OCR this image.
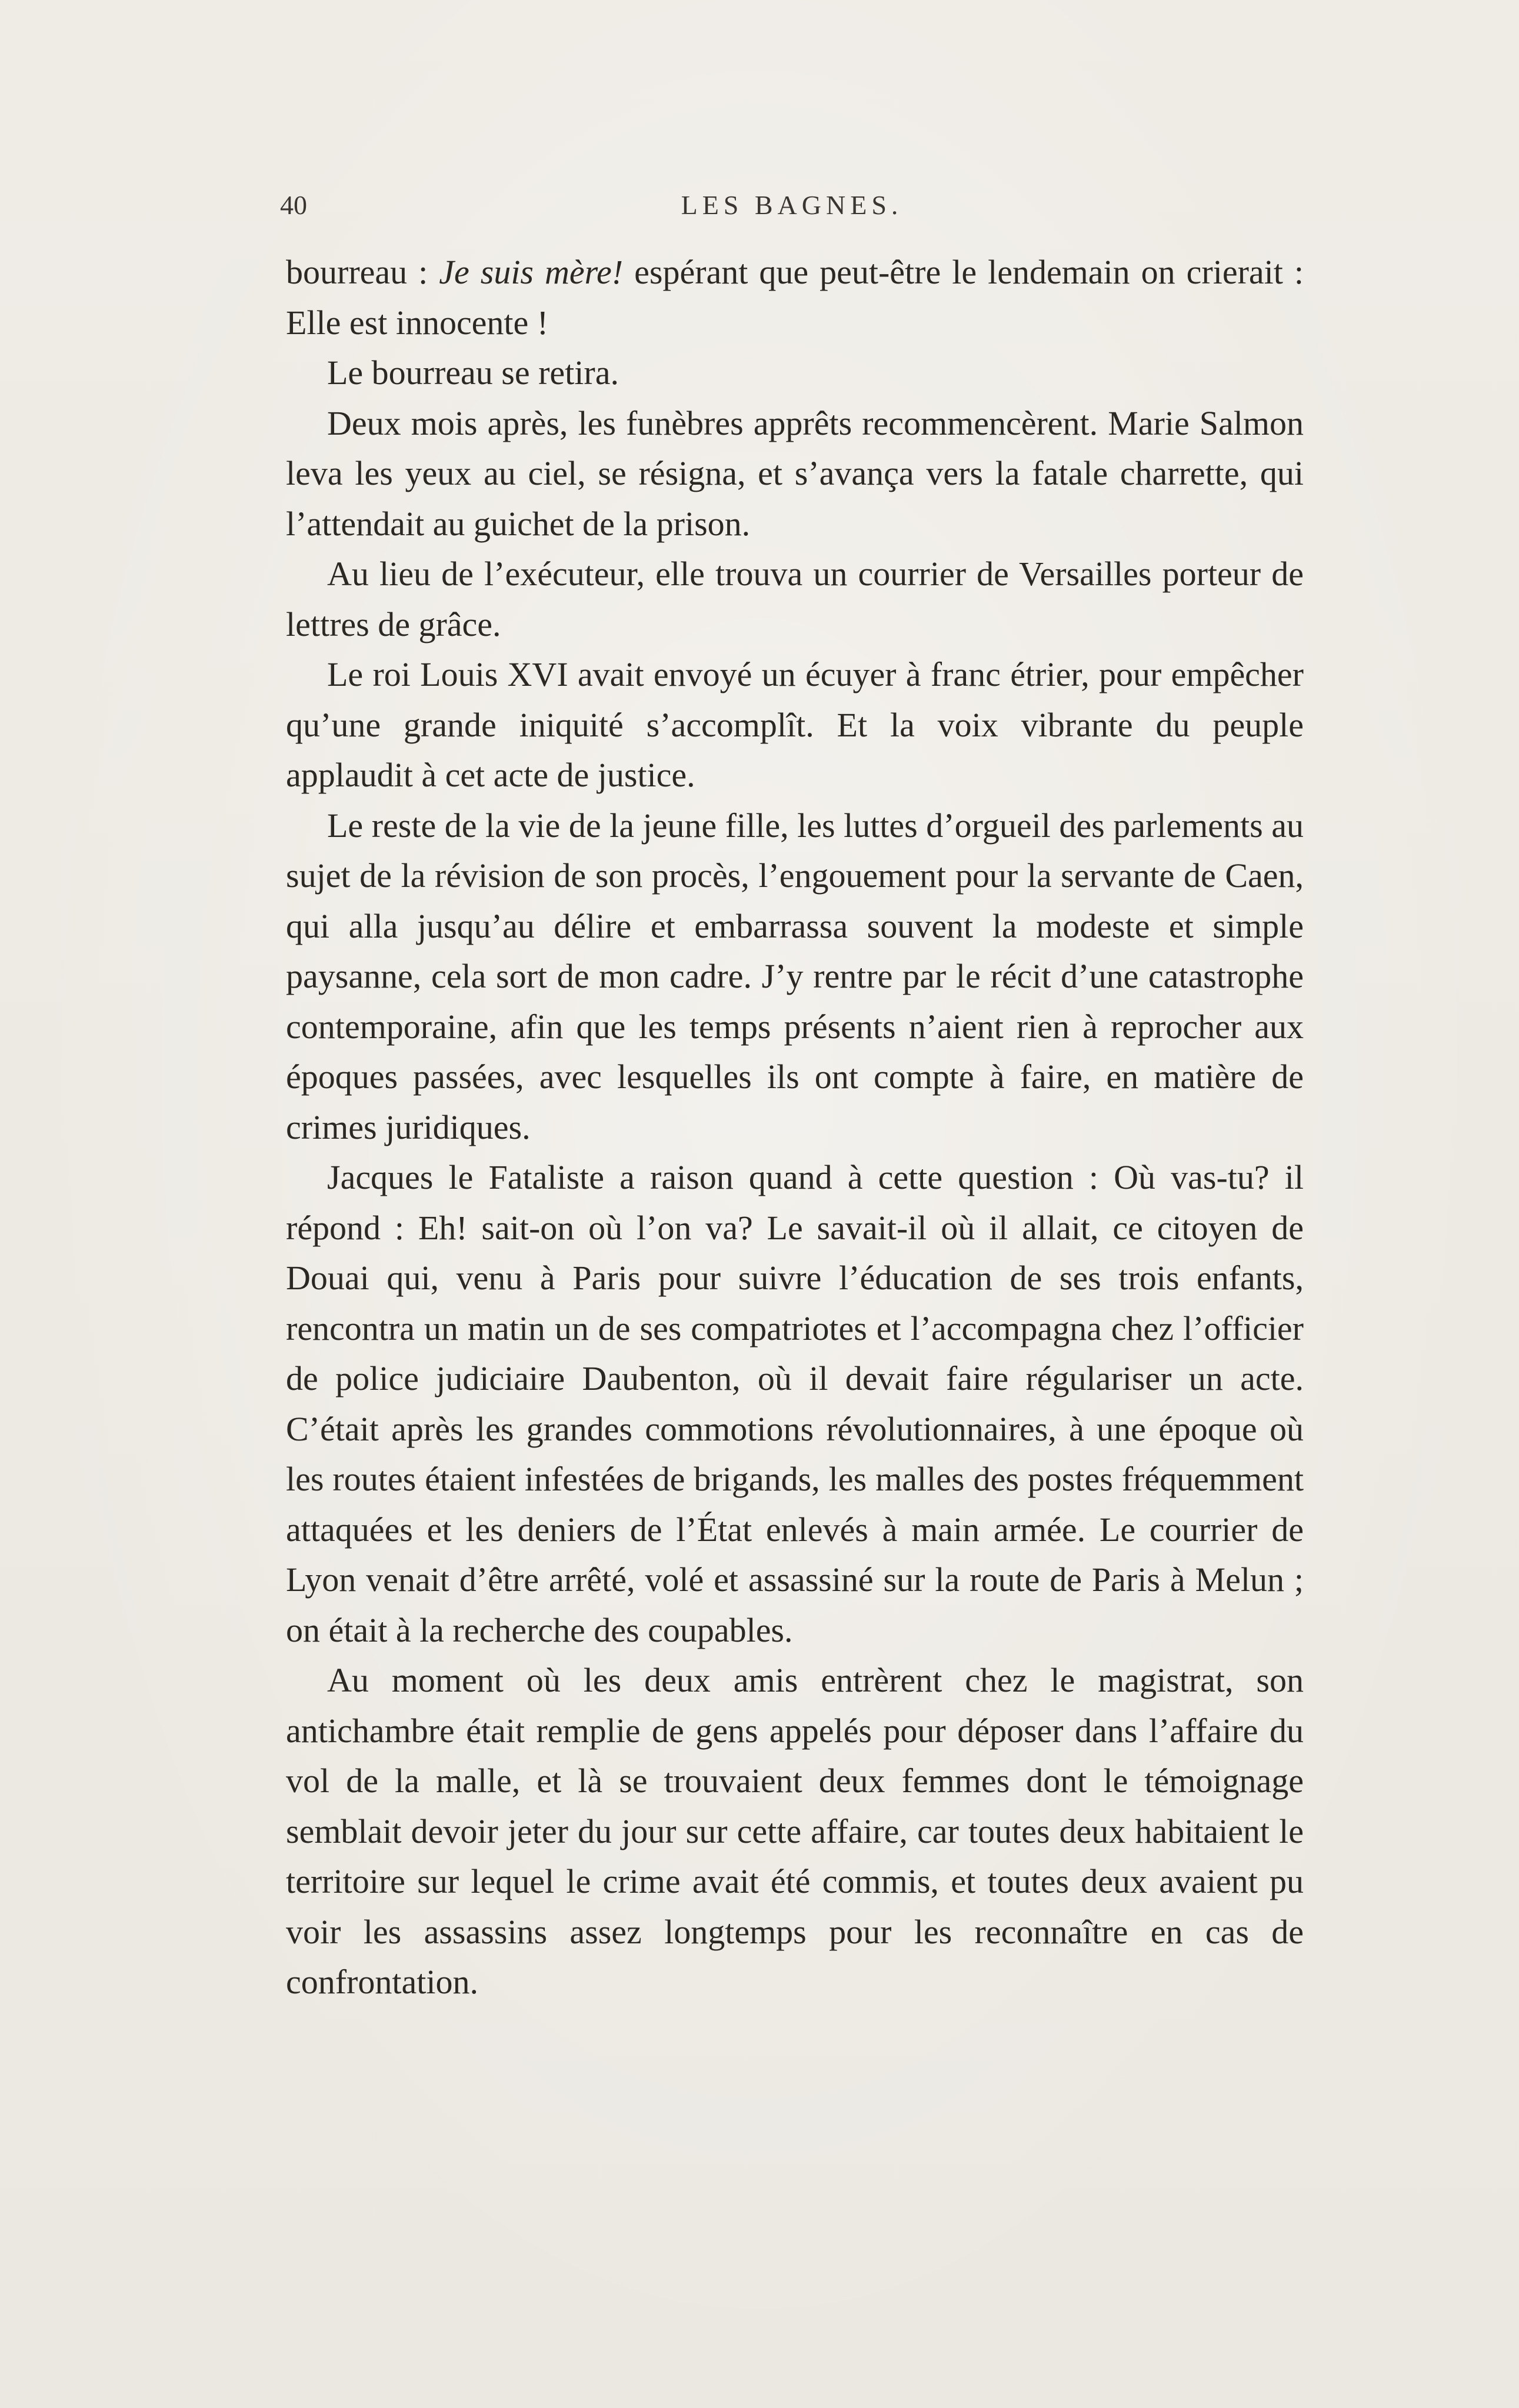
40	LES BAGNES.

bourreau : Je suis mère! espérant que peut-être le lendemain on crierait : Elle est innocente !

Le bourreau se retira.

Deux mois après, les funèbres apprêts recommencèrent. Marie Salmon leva les yeux au ciel, se résigna, et s’avança vers la fatale charrette, qui l’attendait au guichet de la prison.

Au lieu de l’exécuteur, elle trouva un courrier de Versailles porteur de lettres de grâce.

Le roi Louis XVI avait envoyé un écuyer à franc étrier, pour empêcher qu’une grande iniquité s’accomplît. Et la voix vibrante du peuple applaudit à cet acte de justice.

Le reste de la vie de la jeune fille, les luttes d’orgueil des parlements au sujet de la révision de son procès, l’engouement pour la servante de Caen, qui alla jusqu’au délire et embarrassa souvent la modeste et simple paysanne, cela sort de mon cadre. J’y rentre par le récit d’une catastrophe contemporaine, afin que les temps présents n’aient rien à reprocher aux époques passées, avec lesquelles ils ont compte à faire, en matière de crimes juridiques.

Jacques le Fataliste a raison quand à cette question : Où vas-tu? il répond : Eh! sait-on où l’on va? Le savait-il où il allait, ce citoyen de Douai qui, venu à Paris pour suivre l’éducation de ses trois enfants, rencontra un matin un de ses compatriotes et l’accompagna chez l’officier de police judiciaire Daubenton, où il devait faire régulariser un acte. C’était après les grandes commotions révolutionnaires, à une époque où les routes étaient infestées de brigands, les malles des postes fréquemment attaquées et les deniers de l’État enlevés à main armée. Le courrier de Lyon venait d’être arrêté, volé et assassiné sur la route de Paris à Melun ; on était à la recherche des coupables.

Au moment où les deux amis entrèrent chez le magistrat, son antichambre était remplie de gens appelés pour déposer dans l’affaire du vol de la malle, et là se trouvaient deux femmes dont le témoignage semblait devoir jeter du jour sur cette affaire, car toutes deux habitaient le territoire sur lequel le crime avait été commis, et toutes deux avaient pu voir les assassins assez longtemps pour les reconnaître en cas de confrontation.
